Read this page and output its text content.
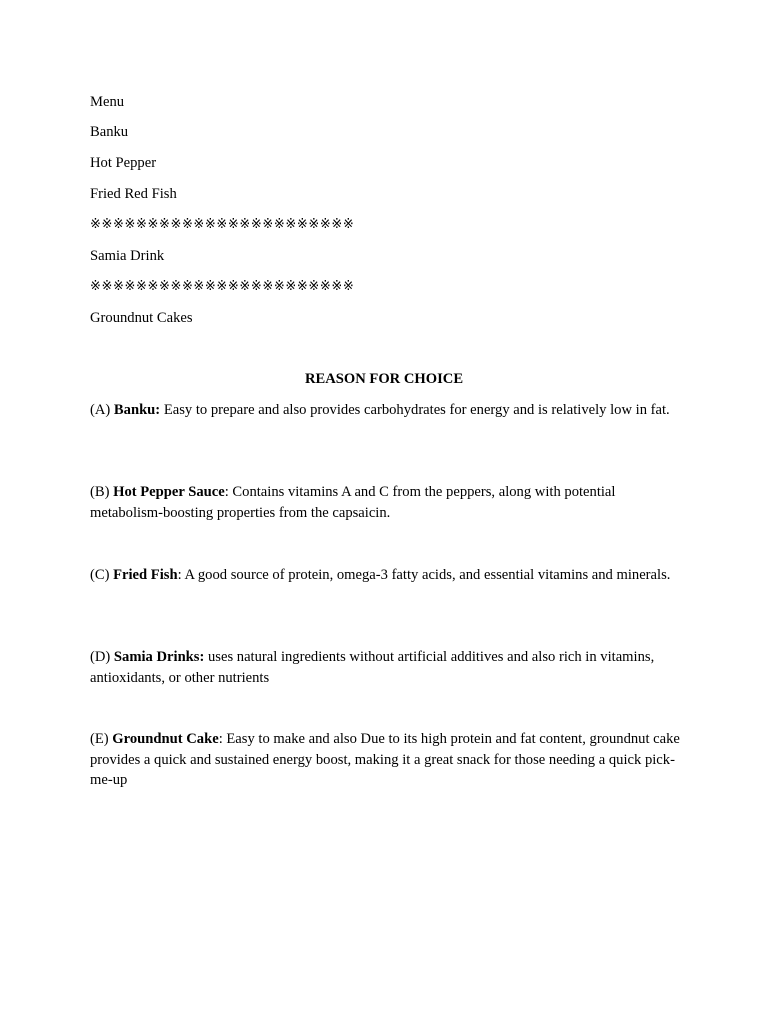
Menu
Banku
Hot Pepper
Fried Red Fish
※※※※※※※※※※※※※※※※※※※※※※※
Samia Drink
※※※※※※※※※※※※※※※※※※※※※※※
Groundnut Cakes
REASON FOR CHOICE
(A) Banku: Easy to prepare and also provides carbohydrates for energy and is relatively low in fat.
(B) Hot Pepper Sauce: Contains vitamins A and C from the peppers, along with potential metabolism-boosting properties from the capsaicin.
(C) Fried Fish: A good source of protein, omega-3 fatty acids, and essential vitamins and minerals.
(D) Samia Drinks: uses natural ingredients without artificial additives and also rich in vitamins, antioxidants, or other nutrients
(E) Groundnut Cake: Easy to make and also Due to its high protein and fat content, groundnut cake provides a quick and sustained energy boost, making it a great snack for those needing a quick pick-me-up
